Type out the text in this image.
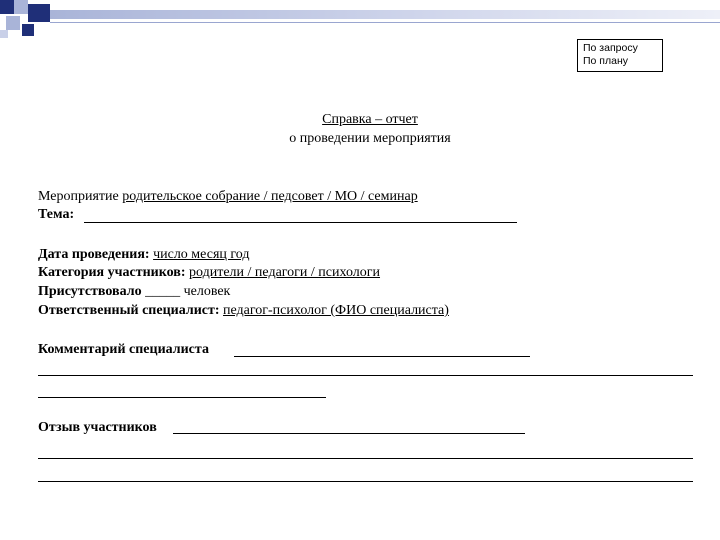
По запросу
По плану
Справка – отчет
о проведении мероприятия
Мероприятие родительское собрание / педсовет / МО / семинар
Тема:
Дата проведения: число месяц год
Категория участников: родители / педагоги / психологи
Присутствовало _____ человек
Ответственный специалист: педагог-психолог (ФИО специалиста)
Комментарий специалиста
Отзыв участников
